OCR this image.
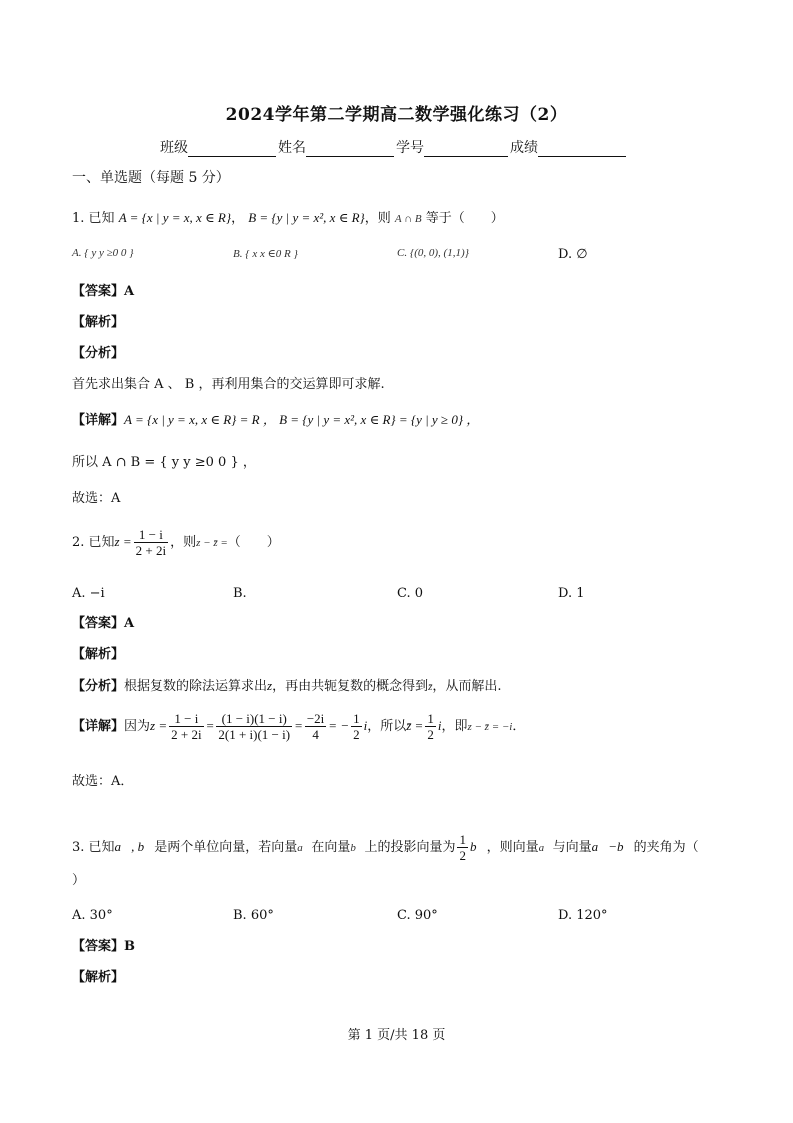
2024学年第二学期高二数学强化练习（2）
班级	姓名	学号	成绩
一、单选题（每题 5 分）
1. 已知 A = {x | y = x, x ∈ R}， B = {y | y = x², x ∈ R}，则 A ∩ B 等于（　　）
A. { y y ≥0 0 }	B. { x x ∈0 R }	C. {(0, 0), (1,1)}	D. ∅
【答案】A
【解析】
【分析】
首先求出集合 A 、 B ，再利用集合的交运算即可求解.
【详解】A = {x | y = x, x ∈ R} = R ， B = {y | y = x², x ∈ R} = {y | y ≥ 0} ，
所以 A ∩ B = { y y ≥0 0 } ，
故选：A
2. 已知$z = \frac{1 - i}{2 + 2i}$ ，则z − z̄ =（　　）
A. −i	B.	C. 0	D. 1
【答案】A
【解析】
【分析】根据复数的除法运算求出z，再由共轭复数的概念得到z̄，从而解出.
【详解】因为$z = \frac{1 - i}{2 + 2i} = \frac{(1 - i)(1 - i)}{2(1 + i)(1 - i)} = \frac{-2i}{4}$ = − $\frac{1}{2}$ i，所以z̄ = $\frac{1}{2}$ i，即z − z̄ = −i．
故选：A．
3. 已知a⃗, b⃗是两个单位向量，若向量a⃗在向量b⃗上的投影向量为 $\frac{1}{2}$ b⃗，则向量a⃗与向量a⃗−b⃗的夹角为（
）
A. 30°	B. 60°	C. 90°	D. 120°
【答案】B
【解析】
第 1 页/共 18 页
